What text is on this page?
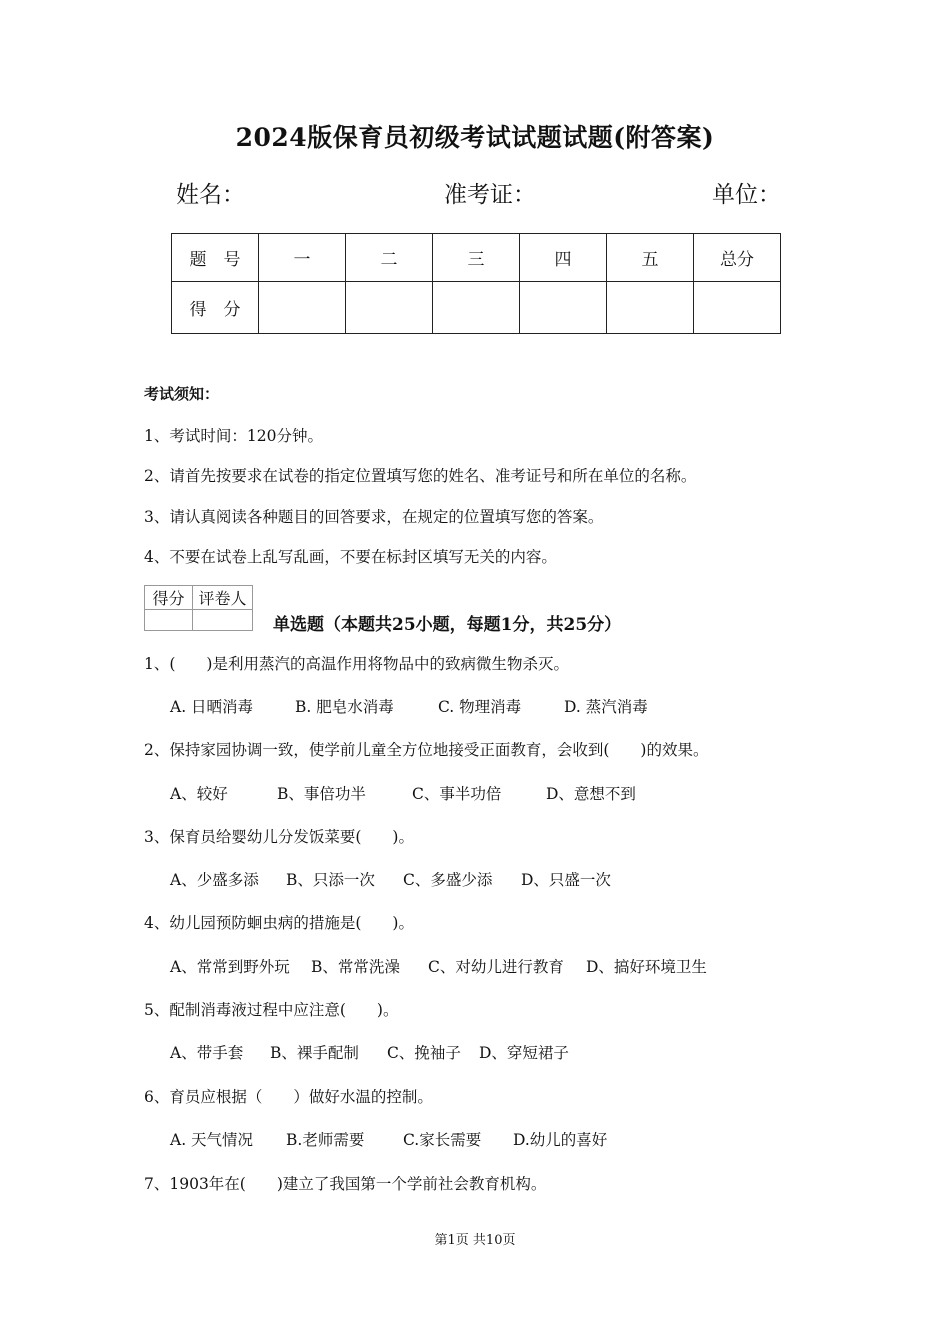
2024版保育员初级考试试题试题(附答案)
姓名：	准考证：	单位：
题　号	一	二	三	四	五	总分
得　分						
考试须知：
1、考试时间：120分钟。
2、请首先按要求在试卷的指定位置填写您的姓名、准考证号和所在单位的名称。
3、请认真阅读各种题目的回答要求，在规定的位置填写您的答案。
4、不要在试卷上乱写乱画，不要在标封区填写无关的内容。
得分	评卷人

单选题（本题共25小题，每题1分，共25分）
1、(　　)是利用蒸汽的高温作用将物品中的致病微生物杀灭。
A. 日晒消毒	B. 肥皂水消毒	C. 物理消毒	D. 蒸汽消毒
2、保持家园协调一致，使学前儿童全方位地接受正面教育，会收到(　　)的效果。
A、较好	B、事倍功半	C、事半功倍	D、意想不到
3、保育员给婴幼儿分发饭菜要(　　)。
A、少盛多添 B、只添一次 C、多盛少添 D、只盛一次
4、幼儿园预防蛔虫病的措施是(　　)。
A、常常到野外玩 B、常常洗澡 C、对幼儿进行教育 D、搞好环境卫生
5、配制消毒液过程中应注意(　　)。
A、带手套 B、裸手配制 C、挽袖子 D、穿短裙子
6、育员应根据（　　）做好水温的控制。
A. 天气情况 B.老师需要 C.家长需要 D.幼儿的喜好
7、1903年在(　　)建立了我国第一个学前社会教育机构。
第1页 共10页
